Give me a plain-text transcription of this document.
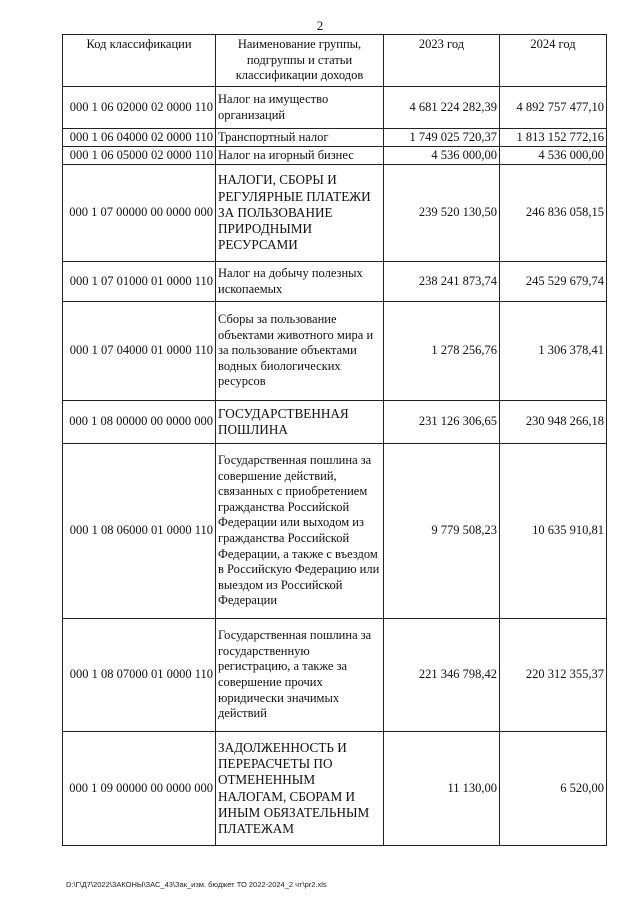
2
Код классификации	Наименование группы, подгруппы и статьи классификации доходов	2023 год	2024 год
000 1 06 02000 02 0000 110	Налог на имущество организаций	4 681 224 282,39	4 892 757 477,10
000 1 06 04000 02 0000 110	Транспортный налог	1 749 025 720,37	1 813 152 772,16
000 1 06 05000 02 0000 110	Налог на игорный бизнес	4 536 000,00	4 536 000,00
000 1 07 00000 00 0000 000	НАЛОГИ, СБОРЫ И РЕГУЛЯРНЫЕ ПЛАТЕЖИ ЗА ПОЛЬЗОВАНИЕ ПРИРОДНЫМИ РЕСУРСАМИ	239 520 130,50	246 836 058,15
000 1 07 01000 01 0000 110	Налог на добычу полезных ископаемых	238 241 873,74	245 529 679,74
000 1 07 04000 01 0000 110	Сборы за пользование объектами животного мира и за пользование объектами водных биологических ресурсов	1 278 256,76	1 306 378,41
000 1 08 00000 00 0000 000	ГОСУДАРСТВЕННАЯ ПОШЛИНА	231 126 306,65	230 948 266,18
000 1 08 06000 01 0000 110	Государственная пошлина за совершение действий, связанных с приобретением гражданства Российской Федерации или выходом из гражданства Российской Федерации, а также с въездом в Российскую Федерацию или выездом из Российской Федерации	9 779 508,23	10 635 910,81
000 1 08 07000 01 0000 110	Государственная пошлина за государственную регистрацию, а также за совершение прочих юридически значимых действий	221 346 798,42	220 312 355,37
000 1 09 00000 00 0000 000	ЗАДОЛЖЕННОСТЬ И ПЕРЕРАСЧЕТЫ ПО ОТМЕНЕННЫМ НАЛОГАМ, СБОРАМ И ИНЫМ ОБЯЗАТЕЛЬНЫМ ПЛАТЕЖАМ	11 130,00	6 520,00
D:\Г\Д7\2022\ЗАКОНЫ\ЗАС_43\Зак_изм. бюджет ТО 2022-2024_2 чт\pr2.xls
